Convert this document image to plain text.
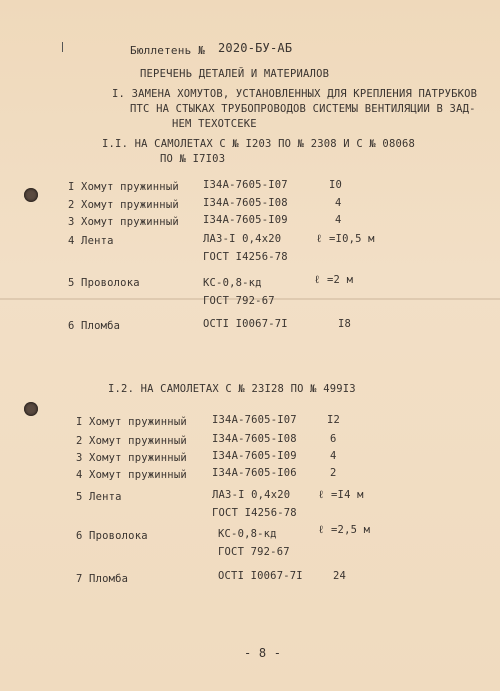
Бюллетень № 2020-БУ-АБ
ПЕРЕЧЕНЬ ДЕТАЛЕЙ И МАТЕРИАЛОВ
I. ЗАМЕНА ХОМУТОВ, УСТАНОВЛЕННЫХ ДЛЯ КРЕПЛЕНИЯ ПАТРУБКОВ
ПТС НА СТЫКАХ ТРУБОПРОВОДОВ СИСТЕМЫ ВЕНТИЛЯЦИИ В ЗАД-
НЕМ ТЕХОТСЕКЕ
I.I. НА САМОЛЕТАХ С № I203 ПО № 2308 И С № 08068
ПО № I7I03
I Хомут пружинный I34А-7605-I07	I0
2 Хомут пружинный I34А-7605-I08	4
3 Хомут пружинный I34А-7605-I09	4
4 Лента	ЛАЗ-I 0,4х20
ГОСТ I4256-78
ℓ =I0,5 м
5 Проволока	КС-0,8-кд
ГОСТ 792-67
ℓ =2 м
6 Пломба	ОСТI I0067-7I	I8
I.2. НА САМОЛЕТАХ С № 23I28 ПО № 499I3
I Хомут пружинный I34А-7605-I07	I2
2 Хомут пружинный I34А-7605-I08	6
3 Хомут пружинный I34А-7605-I09	4
4 Хомут пружинный I34А-7605-I06	2
5 Лента	ЛАЗ-I 0,4х20
ГОСТ I4256-78
ℓ =I4 м
6 Проволока	КС-0,8-кд
ГОСТ 792-67
ℓ =2,5 м
7 Пломба	ОСТI I0067-7I	24
- 8 -
